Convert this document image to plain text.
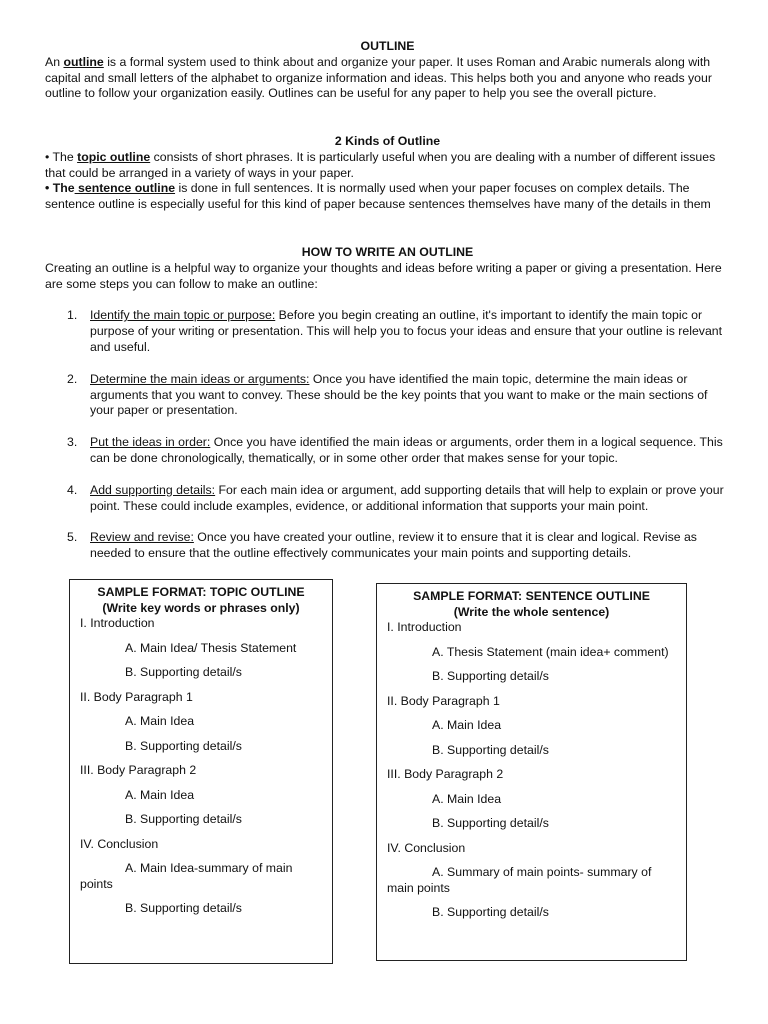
OUTLINE

An outline is a formal system used to think about and organize your paper. It uses Roman and Arabic numerals along with capital and small letters of the alphabet to organize information and ideas. This helps both you and anyone who reads your outline to follow your organization easily. Outlines can be useful for any paper to help you see the overall picture.

2 Kinds of Outline

• The topic outline consists of short phrases. It is particularly useful when you are dealing with a number of different issues that could be arranged in a variety of ways in your paper.

• The sentence outline is done in full sentences. It is normally used when your paper focuses on complex details. The sentence outline is especially useful for this kind of paper because sentences themselves have many of the details in them

HOW TO WRITE AN OUTLINE

Creating an outline is a helpful way to organize your thoughts and ideas before writing a paper or giving a presentation. Here are some steps you can follow to make an outline:

1. Identify the main topic or purpose: Before you begin creating an outline, it's important to identify the main topic or purpose of your writing or presentation. This will help you to focus your ideas and ensure that your outline is relevant and useful.
2. Determine the main ideas or arguments: Once you have identified the main topic, determine the main ideas or arguments that you want to convey. These should be the key points that you want to make or the main sections of your paper or presentation.
3. Put the ideas in order: Once you have identified the main ideas or arguments, order them in a logical sequence. This can be done chronologically, thematically, or in some other order that makes sense for your topic.
4. Add supporting details: For each main idea or argument, add supporting details that will help to explain or prove your point. These could include examples, evidence, or additional information that supports your main point.
5. Review and revise: Once you have created your outline, review it to ensure that it is clear and logical. Revise as needed to ensure that the outline effectively communicates your main points and supporting details.
SAMPLE FORMAT: TOPIC OUTLINE
(Write key words or phrases only)
I. Introduction
A. Main Idea/ Thesis Statement
B. Supporting detail/s
II. Body Paragraph 1
A. Main Idea
B. Supporting detail/s
III. Body Paragraph 2
A. Main Idea
B. Supporting detail/s
IV. Conclusion
A. Main Idea-summary of main points
B. Supporting detail/s
SAMPLE FORMAT: SENTENCE OUTLINE
(Write the whole sentence)
I. Introduction
A. Thesis Statement (main idea+ comment)
B. Supporting detail/s
II. Body Paragraph 1
A. Main Idea
B. Supporting detail/s
III. Body Paragraph 2
A. Main Idea
B. Supporting detail/s
IV. Conclusion
A. Summary of main points- summary of main points
B. Supporting detail/s
